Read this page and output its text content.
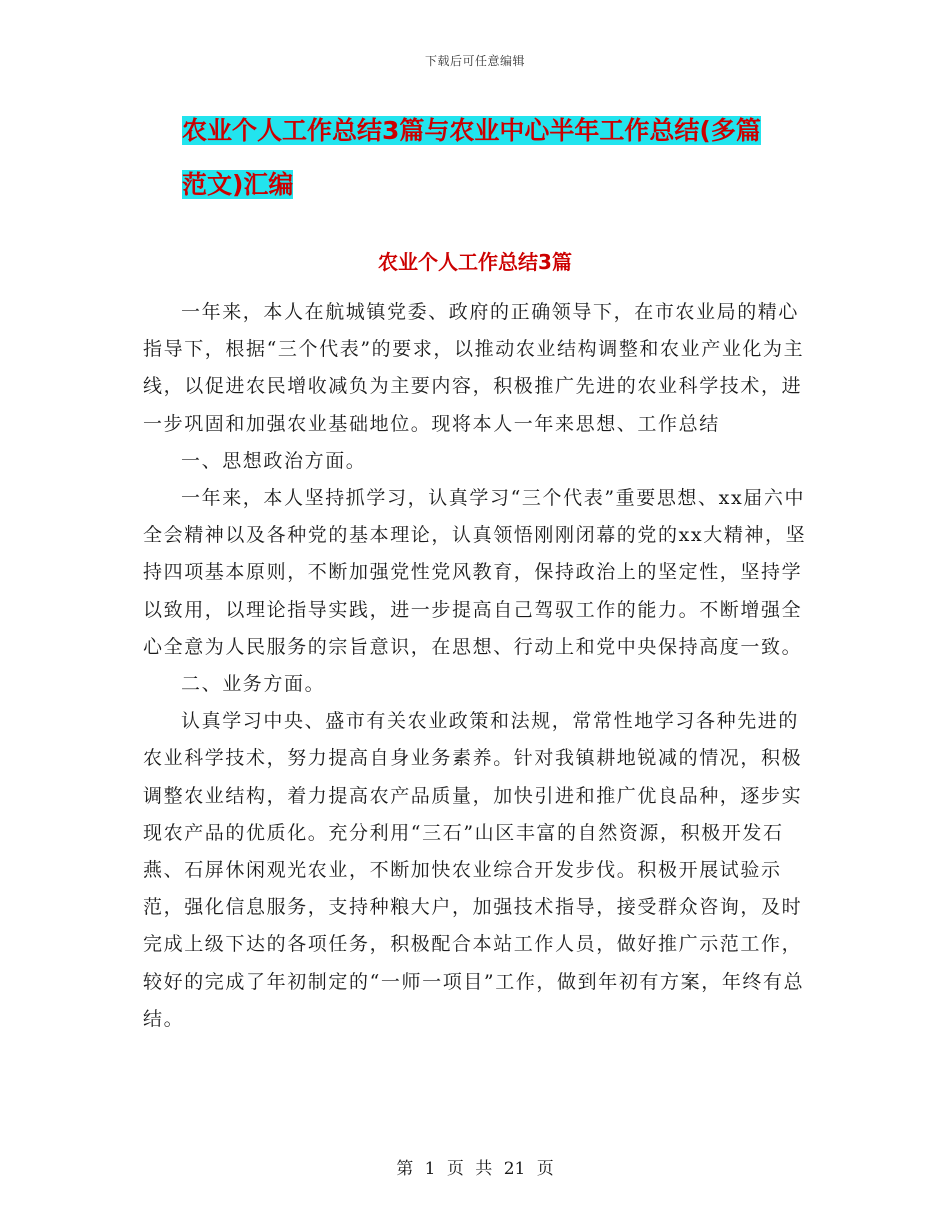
下载后可任意编辑
农业个人工作总结3篇与农业中心半年工作总结(多篇
范文)汇编
农业个人工作总结3篇

一年来，本人在航城镇党委、政府的正确领导下，在市农业局的精心指导下，根据“三个代表”的要求，以推动农业结构调整和农业产业化为主线，以促进农民增收减负为主要内容，积极推广先进的农业科学技术，进一步巩固和加强农业基础地位。现将本人一年来思想、工作总结

一、思想政治方面。

一年来，本人坚持抓学习，认真学习“三个代表”重要思想、xx届六中全会精神以及各种党的基本理论，认真领悟刚刚闭幕的党的xx大精神，坚持四项基本原则，不断加强党性党风教育，保持政治上的坚定性，坚持学以致用，以理论指导实践，进一步提高自己驾驭工作的能力。不断增强全心全意为人民服务的宗旨意识，在思想、行动上和党中央保持高度一致。

二、业务方面。

认真学习中央、盛市有关农业政策和法规，常常性地学习各种先进的农业科学技术，努力提高自身业务素养。针对我镇耕地锐减的情况，积极调整农业结构，着力提高农产品质量，加快引进和推广优良品种，逐步实现农产品的优质化。充分利用“三石”山区丰富的自然资源，积极开发石燕、石屏休闲观光农业，不断加快农业综合开发步伐。积极开展试验示范，强化信息服务，支持种粮大户，加强技术指导，接受群众咨询，及时完成上级下达的各项任务，积极配合本站工作人员，做好推广示范工作，较好的完成了年初制定的“一师一项目”工作，做到年初有方案，年终有总结。

第 1 页 共 21 页
